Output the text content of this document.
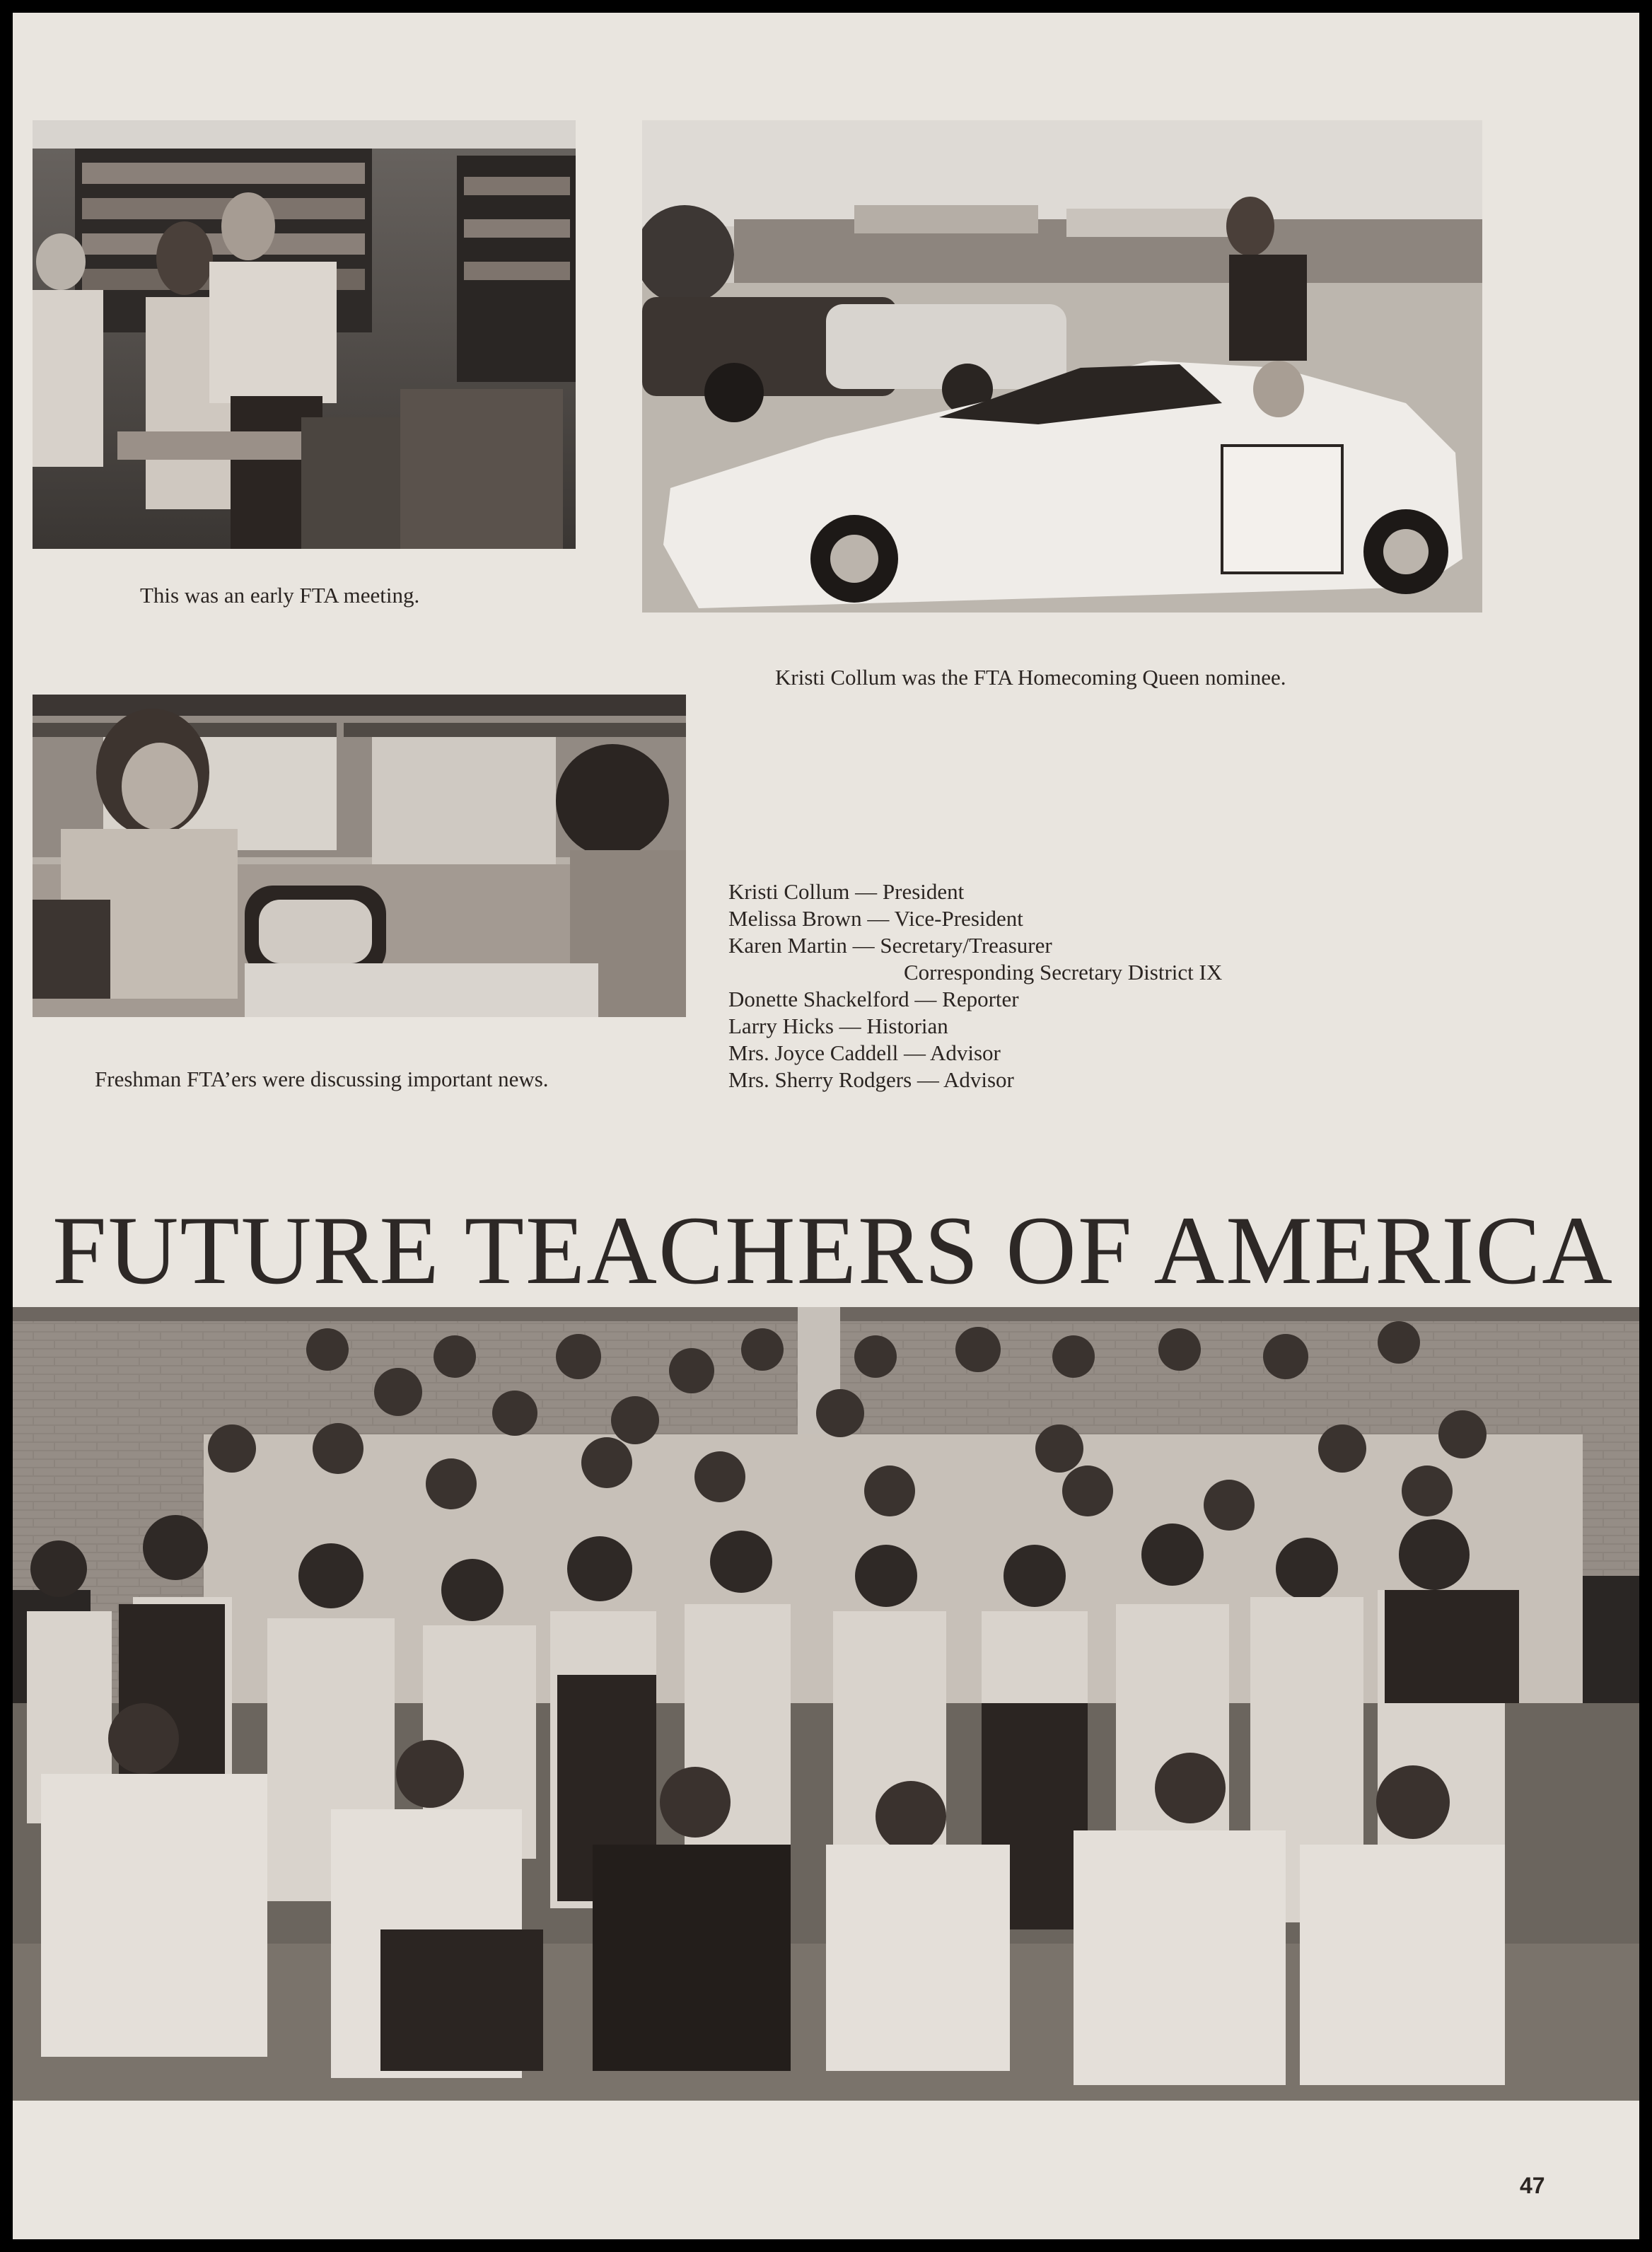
This was an early FTA meeting.
Kristi Collum was the FTA Homecoming Queen nominee.
Freshman FTA’ers were discussing important news.
Kristi Collum — President
Melissa Brown — Vice-President
Karen Martin — Secretary/Treasurer
Corresponding Secretary District IX
Donette Shackelford — Reporter
Larry Hicks — Historian
Mrs. Joyce Caddell — Advisor
Mrs. Sherry Rodgers — Advisor
FUTURE TEACHERS OF AMERICA
47
